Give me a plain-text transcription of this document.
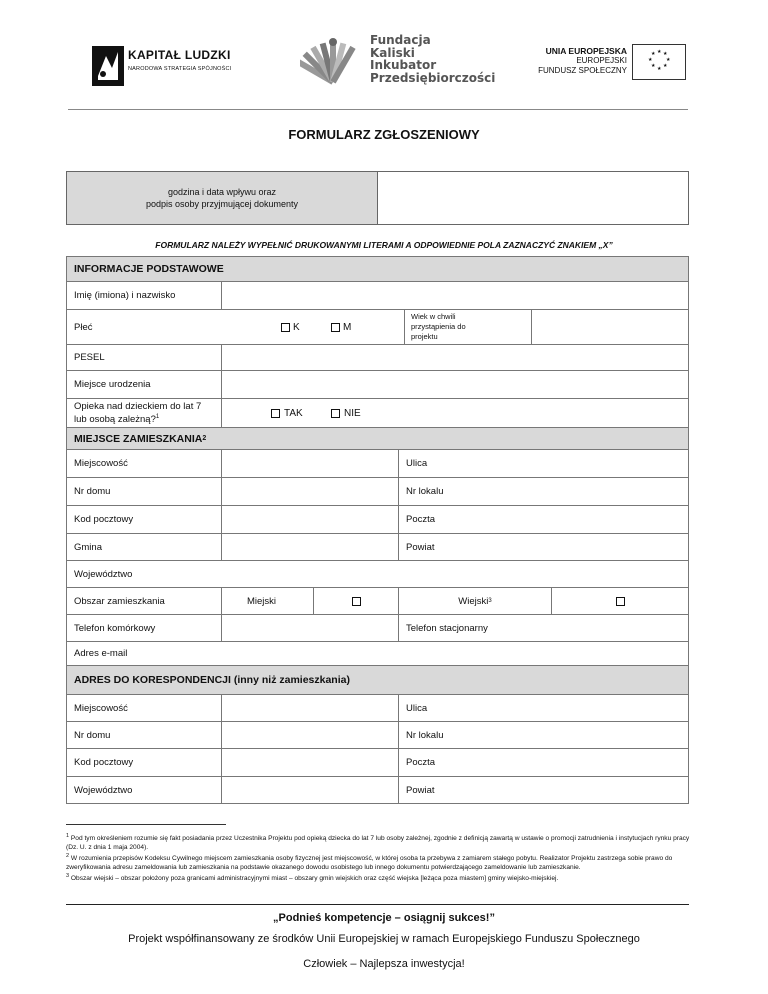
KAPITAŁ LUDZKI
NARODOWA STRATEGIA SPÓJNOŚCI
Fundacja
Kaliski
Inkubator
Przedsiębiorczości
UNIA EUROPEJSKA
EUROPEJSKI
FUNDUSZ SPOŁECZNY
★ ★
★
★
★
★
★
★
FORMULARZ ZGŁOSZENIOWY
godzina i data wpływu oraz
podpis osoby przyjmującej dokumenty
FORMULARZ NALEŻY WYPEŁNIĆ DRUKOWANYMI LITERAMI A ODPOWIEDNIE POLA ZAZNACZYĆ ZNAKIEM „X”
INFORMACJE PODSTAWOWE
Imię (imiona) i nazwisko
Płeć	K	M
Wiek w chwili
przystąpienia do
projektu
PESEL
Miejsce urodzenia
Opieka nad dzieckiem do lat 7
lub osobą zależną?$^1$	TAK	NIE
MIEJSCE ZAMIESZKANIA 2
Miejscowość	Ulica
Nr domu	Nr lokalu
Kod pocztowy	Poczta
Gmina	Powiat
Województwo
Obszar zamieszkania	Miejski	Wiejski 3
Telefon komórkowy	Telefon stacjonarny
Adres e-mail
ADRES DO KORESPONDENCJI (inny niż zamieszkania)
Miejscowość	Ulica
Nr domu	Nr lokalu
Kod pocztowy	Poczta
Województwo	Powiat
$^1$ Pod tym określeniem rozumie się fakt posiadania przez Uczestnika Projektu pod opieką dziecka do lat 7 lub osoby zależnej, zgodnie z definicją zawartą w ustawie o promocji zatrudnienia i instytucjach rynku pracy (Dz. U. z dnia 1 maja 2004).
$^2$ W rozumienia przepisów Kodeksu Cywilnego miejscem zamieszkania osoby fizycznej jest miejscowość, w której osoba ta przebywa z zamiarem stałego pobytu. Realizator Projektu zastrzega sobie prawo do zweryfikowania adresu zameldowania lub zamieszkania na podstawie okazanego dowodu osobistego lub innego dokumentu potwierdzającego zameldowanie lub zamieszkanie.
$^3$ Obszar wiejski – obszar położony poza granicami administracyjnymi miast – obszary gmin wiejskich oraz część wiejska [leżąca poza miastem] gminy wiejsko-miejskiej.
„Podnieś kompetencje – osiągnij sukces!”
Projekt współfinansowany ze środków Unii Europejskiej w ramach Europejskiego Funduszu Społecznego
Człowiek – Najlepsza inwestycja!
